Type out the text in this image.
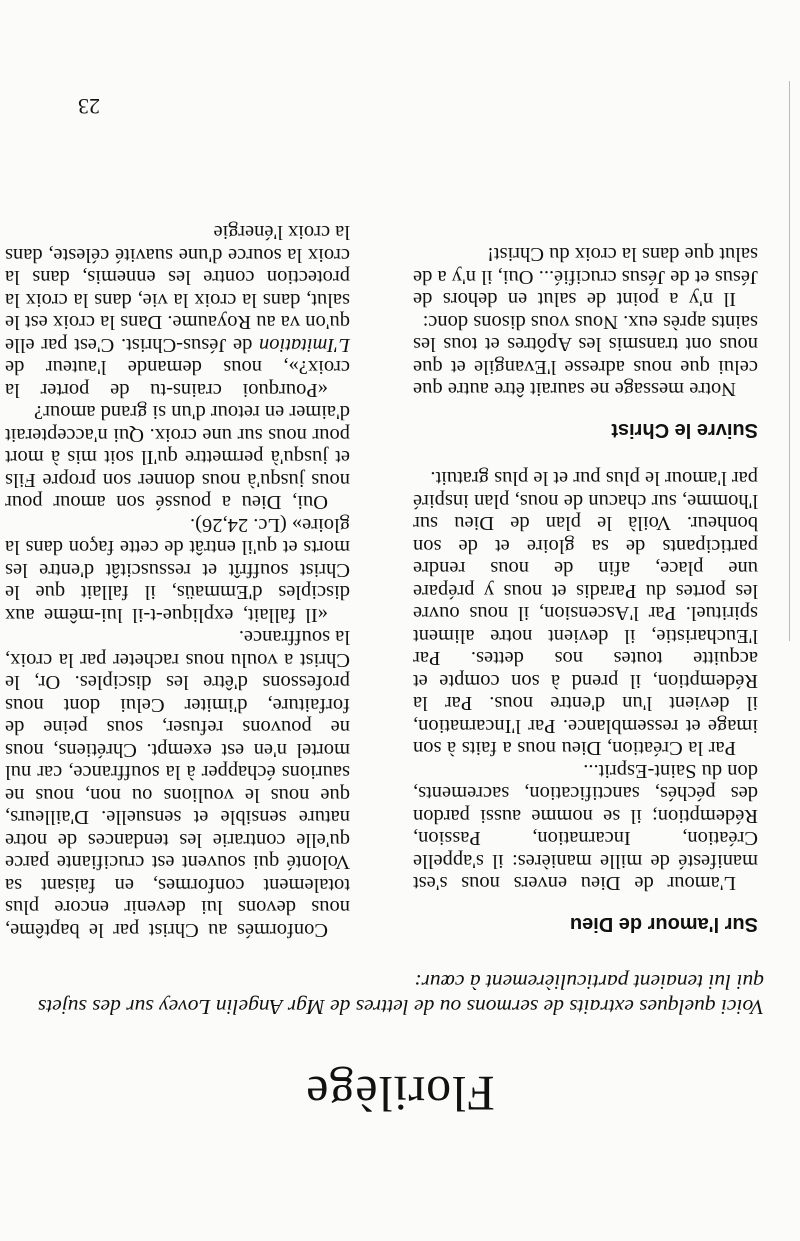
Florilège

Voici quelques extraits de sermons ou de lettres de Mgr Angelin Lovey sur des sujets qui lui tenaient particulièrement à cœur:

Sur l'amour de Dieu

L'amour de Dieu envers nous s'est manifesté de mille manières: il s'appelle Création, Incarnation, Passion, Rédemption; il se nomme aussi pardon des péchés, sanctification, sacrements, don du Saint-Esprit...

Par la Création, Dieu nous a faits à son image et ressemblance. Par l'Incarnation, il devient l'un d'entre nous. Par la Rédemption, il prend à son compte et acquitte toutes nos dettes. Par l'Eucharistie, il devient notre aliment spirituel. Par l'Ascension, il nous ouvre les portes du Paradis et nous y prépare une place, afin de nous rendre participants de sa gloire et de son bonheur. Voilà le plan de Dieu sur l'homme, sur chacun de nous, plan inspiré par l'amour le plus pur et le plus gratuit.

Suivre le Christ

Notre message ne saurait être autre que celui que nous adresse l'Evangile et que nous ont transmis les Apôtres et tous les saints après eux. Nous vous disons donc:

Il n'y a point de salut en dehors de Jésus et de Jésus crucifié... Oui, il n'y a de salut que dans la croix du Christ!

Conformés au Christ par le baptême, nous devons lui devenir encore plus totalement conformes, en faisant sa Volonté qui souvent est crucifiante parce qu'elle contrarie les tendances de notre nature sensible et sensuelle. D'ailleurs, que nous le voulions ou non, nous ne saurions échapper à la souffrance, car nul mortel n'en est exempt. Chrétiens, nous ne pouvons refuser, sous peine de forfaiture, d'imiter Celui dont nous professons d'être les disciples. Or, le Christ a voulu nous racheter par la croix, la souffrance.

«Il fallait, explique-t-il lui-même aux disciples d'Emmaüs, il fallait que le Christ souffrît et ressuscitât d'entre les morts et qu'il entrât de cette façon dans la gloire» (Lc. 24,26).

Oui, Dieu a poussé son amour pour nous jusqu'à nous donner son propre Fils et jusqu'à permettre qu'Il soit mis à mort pour nous sur une croix. Qui n'accepterait d'aimer en retour d'un si grand amour?

«Pourquoi crains-tu de porter la croix?», nous demande l'auteur de L'Imitation de Jésus-Christ. C'est par elle qu'on va au Royaume. Dans la croix est le salut, dans la croix la vie, dans la croix la protection contre les ennemis, dans la croix la source d'une suavité céleste, dans la croix l'énergie

23
